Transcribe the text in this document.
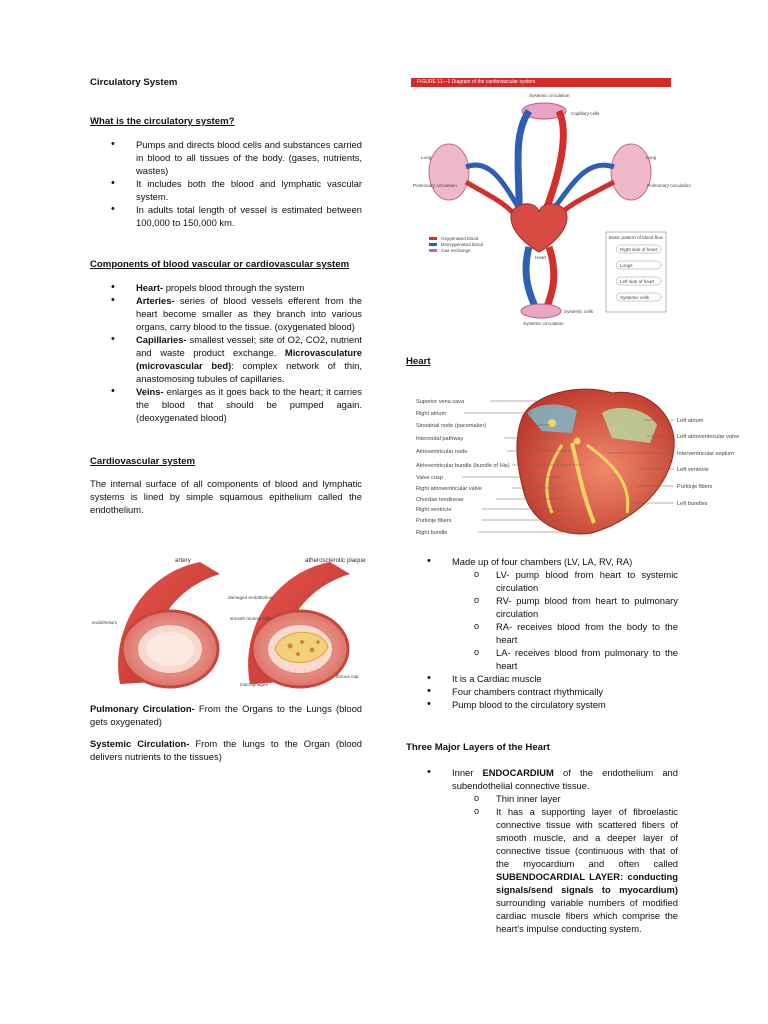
Circulatory System
What is the circulatory system?
• Pumps and directs blood cells and substances carried in blood to all tissues of the body. (gases, nutrients, wastes)
• It includes both the blood and lymphatic vascular system.
• In adults total length of vessel is estimated between 100,000 to 150,000 km.
Components of blood vascular or cardiovascular system
• Heart- propels blood through the system
• Arteries- series of blood vessels efferent from the heart become smaller as they branch into various organs, carry blood to the tissue. (oxygenated blood)
• Capillaries- smallest vessel; site of O2, CO2, nutrient and waste product exchange. Microvasculature (microvascular bed): complex network of thin, anastomosing tubules of capillaries.
• Veins- enlarges as it goes back to the heart; it carries the blood that should be pumped again. (deoxygenated blood)
Cardiovascular system

The internal surface of all components of blood and lymphatic systems is lined by simple squamous epithelium called the endothelium.

artery	atherosclerotic plaque
endothelium
damaged endothelium
smooth muscle cells
macrophages
fibrous cap

Pulmonary Circulation- From the Organs to the Lungs (blood gets oxygenated)

Systemic Circulation- From the lungs to the Organ (blood delivers nutrients to the tissues)

FIGURE 11—1 Diagram of the cardiovascular system.
Oxygenated blood
Deoxygenated blood
Gas exchange
Basic pattern of blood flow
Right side of heart
Lungs
Left side of heart
Systemic cells
Systemic circulation
Capillary cells
Lung	Lung
Pulmonary circulation	Pulmonary circulation
Heart
Systemic circulation
Systemic cells
Heart
Superior vena cava
Right atrium
Sinoatrial node (pacemaker)
Internodal pathway
Atrioventricular node
Atrioventricular bundle (bundle of His)
Valve cusp
Right atrioventricular valve
Chordae tendineae
Right ventricle
Purkinje fibers
Right bundle
Left atrium
Left atrioventricular valve
Interventricular septum
Left ventricle
Purkinje fibers
Left bundles
• Made up of four chambers (LV, LA, RV, RA)
o LV- pump blood from heart to systemic circulation
o RV- pump blood from heart to pulmonary circulation
o RA- receives blood from the body to the heart
o LA- receives blood from pulmonary to the heart
• It is a Cardiac muscle
• Four chambers contract rhythmically
• Pump blood to the circulatory system
Three Major Layers of the Heart
• Inner ENDOCARDIUM of the endothelium and subendothelial connective tissue.
o Thin inner layer
o It has a supporting layer of fibroelastic connective tissue with scattered fibers of smooth muscle, and a deeper layer of connective tissue (continuous with that of the myocardium and often called SUBENDOCARDIAL LAYER: conducting signals/send signals to myocardium) surrounding variable numbers of modified cardiac muscle fibers which comprise the heart's impulse conducting system.
